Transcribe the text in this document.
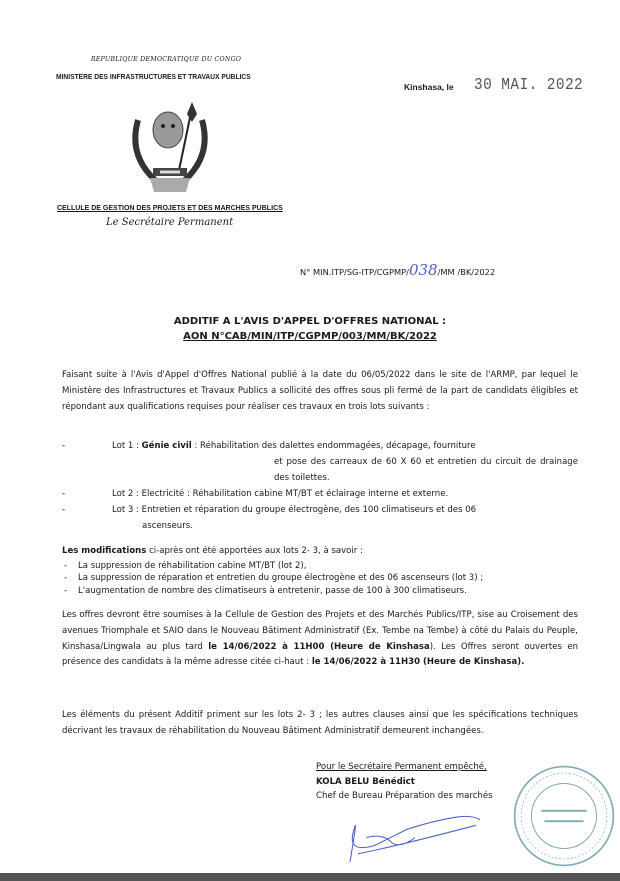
REPUBLIQUE DEMOCRATIQUE DU CONGO
MINISTERE DES INFRASTRUCTURES ET TRAVAUX PUBLICS
Kinshasa, le 30 MAI. 2022
CELLULE DE GESTION DES PROJETS ET DES MARCHES PUBLICS
Le Secrétaire Permanent
N° MIN.ITP/SG-ITP/CGPMP/038/MM /BK/2022
ADDITIF A L'AVIS D'APPEL D'OFFRES NATIONAL :
AON N°CAB/MIN/ITP/CGPMP/003/MM/BK/2022
Faisant suite à l'Avis d'Appel d'Offres National publié à la date du 06/05/2022 dans le site de l'ARMP, par lequel le Ministère des Infrastructures et Travaux Publics a sollicité des offres sous pli fermé de la part de candidats éligibles et répondant aux qualifications requises pour réaliser ces travaux en trois lots suivants :
-	Lot 1 : Génie civil : Réhabilitation des dalettes endommagées, décapage, fourniture
et pose des carreaux de 60 X 60 et entretien du circuit de drainage des toilettes.
-	Lot 2 : Electricité : Réhabilitation cabine MT/BT et éclairage interne et externe.
-	Lot 3 : Entretien et réparation du groupe électrogène, des 100 climatiseurs et des 06
ascenseurs.
Les modifications ci-après ont été apportées aux lots 2- 3, à savoir :
- La suppression de réhabilitation cabine MT/BT (lot 2),
- La suppression de réparation et entretien du groupe électrogène et des 06 ascenseurs (lot 3) ;
- L'augmentation de nombre des climatiseurs à entretenir, passe de 100 à 300 climatiseurs.
Les offres devront être soumises à la Cellule de Gestion des Projets et des Marchés Publics/ITP, sise au Croisement des avenues Triomphale et SAIO dans le Nouveau Bâtiment Administratif (Ex. Tembe na Tembe) à côté du Palais du Peuple, Kinshasa/Lingwala au plus tard le 14/06/2022 à 11H00 (Heure de Kinshasa). Les Offres seront ouvertes en présence des candidats à la même adresse citée ci-haut : le 14/06/2022 à 11H30 (Heure de Kinshasa).
Les éléments du présent Additif priment sur les lots 2- 3 ; les autres clauses ainsi que les spécifications techniques décrivant les travaux de réhabilitation du Nouveau Bâtiment Administratif demeurent inchangées.
Pour le Secrétaire Permanent empêché,
KOLA BELU Bénédict
Chef de Bureau Préparation des marchés
